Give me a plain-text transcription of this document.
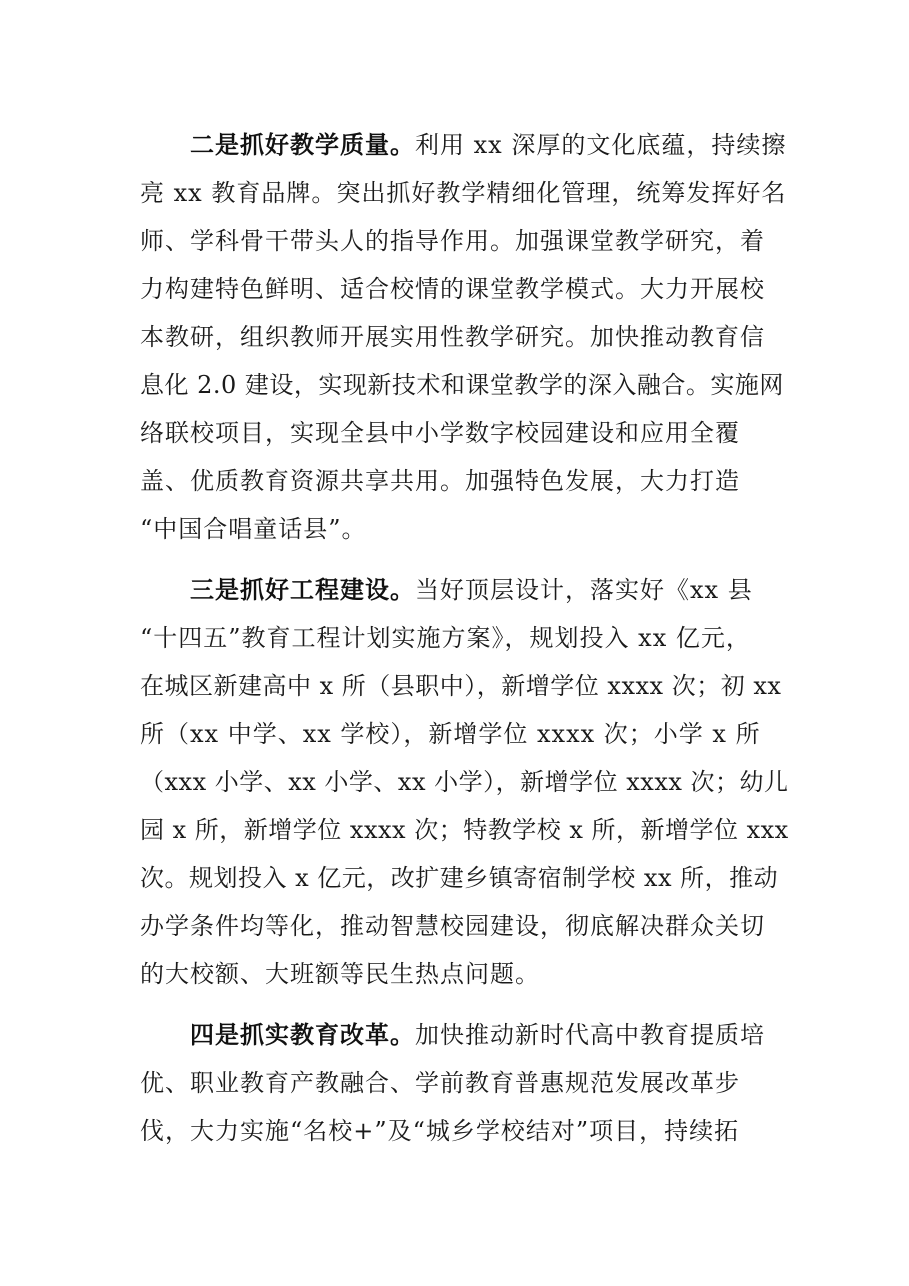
二是抓好教学质量。利用 xx 深厚的文化底蕴，持续擦

亮 xx 教育品牌。突出抓好教学精细化管理，统筹发挥好名

师、学科骨干带头人的指导作用。加强课堂教学研究，着

力构建特色鲜明、适合校情的课堂教学模式。大力开展校

本教研，组织教师开展实用性教学研究。加快推动教育信

息化 2.0 建设，实现新技术和课堂教学的深入融合。实施网

络联校项目，实现全县中小学数字校园建设和应用全覆

盖、优质教育资源共享共用。加强特色发展，大力打造

“中国合唱童话县”。

三是抓好工程建设。当好顶层设计，落实好《xx 县

“十四五”教育工程计划实施方案》，规划投入 xx 亿元，

在城区新建高中 x 所（县职中），新增学位 xxxx 次；初 xx

所（xx 中学、xx 学校），新增学位 xxxx 次；小学 x 所

（xxx 小学、xx 小学、xx 小学），新增学位 xxxx 次；幼儿

园 x 所，新增学位 xxxx 次；特教学校 x 所，新增学位 xxx

次。规划投入 x 亿元，改扩建乡镇寄宿制学校 xx 所，推动

办学条件均等化，推动智慧校园建设，彻底解决群众关切

的大校额、大班额等民生热点问题。

四是抓实教育改革。加快推动新时代高中教育提质培

优、职业教育产教融合、学前教育普惠规范发展改革步

伐，大力实施“名校+”及“城乡学校结对”项目，持续拓
